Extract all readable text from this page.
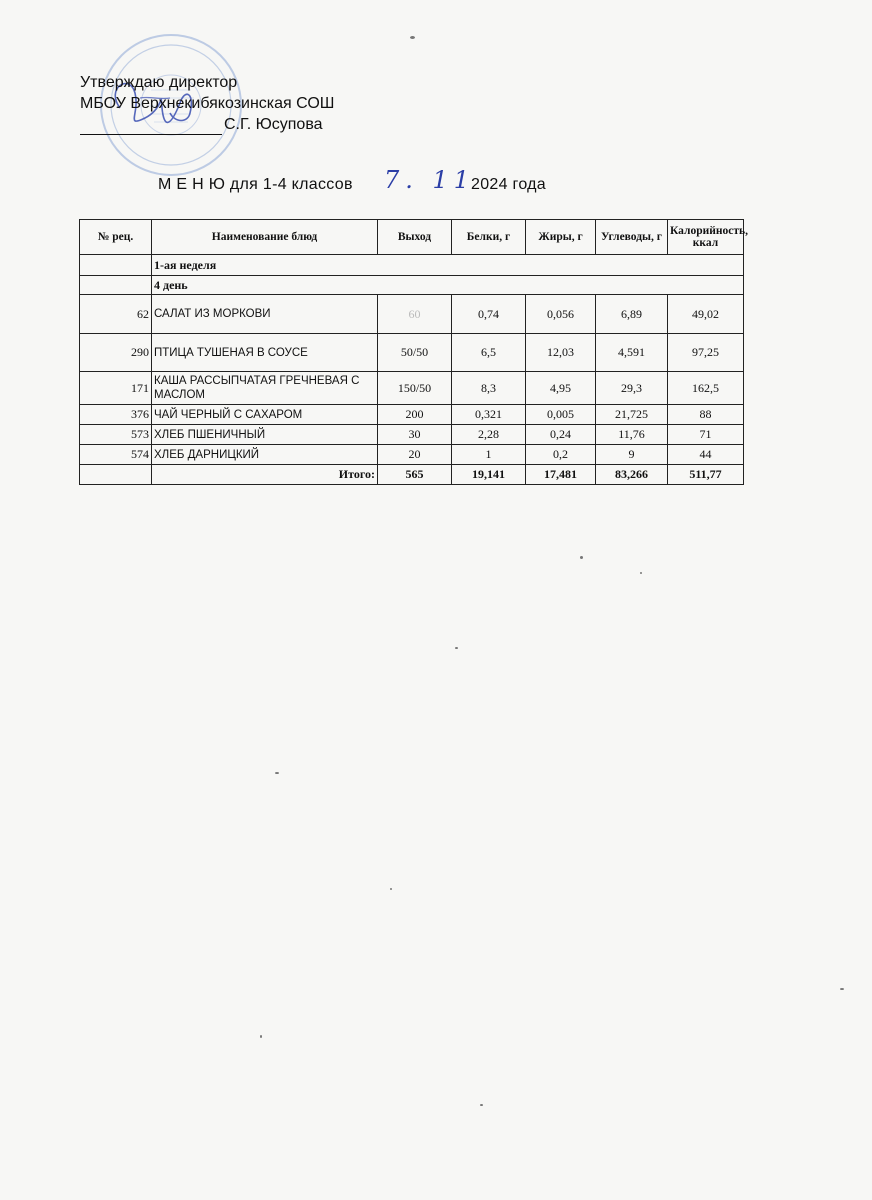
Утверждаю директор
МБОУ Верхнекибякозинская СОШ
С.Г. Юсупова
М Е Н Ю для 1-4 классов 7. 11
2024 года
№ рец.	Наименование блюд	Выход	Белки, г	Жиры, г	Углеводы, г	Калорийность, ккал
	1-ая неделя					
	4 день					
62	САЛАТ ИЗ МОРКОВИ	60	0,74	0,056	6,89	49,02
290	ПТИЦА ТУШЕНАЯ В СОУСЕ	50/50	6,5	12,03	4,591	97,25
171	КАША РАССЫПЧАТАЯ ГРЕЧНЕВАЯ С МАСЛОМ	150/50	8,3	4,95	29,3	162,5
376	ЧАЙ ЧЕРНЫЙ С САХАРОМ	200	0,321	0,005	21,725	88
573	ХЛЕБ ПШЕНИЧНЫЙ	30	2,28	0,24	11,76	71
574	ХЛЕБ ДАРНИЦКИЙ	20	1	0,2	9	44
	Итого:	565	19,141	17,481	83,266	511,77
